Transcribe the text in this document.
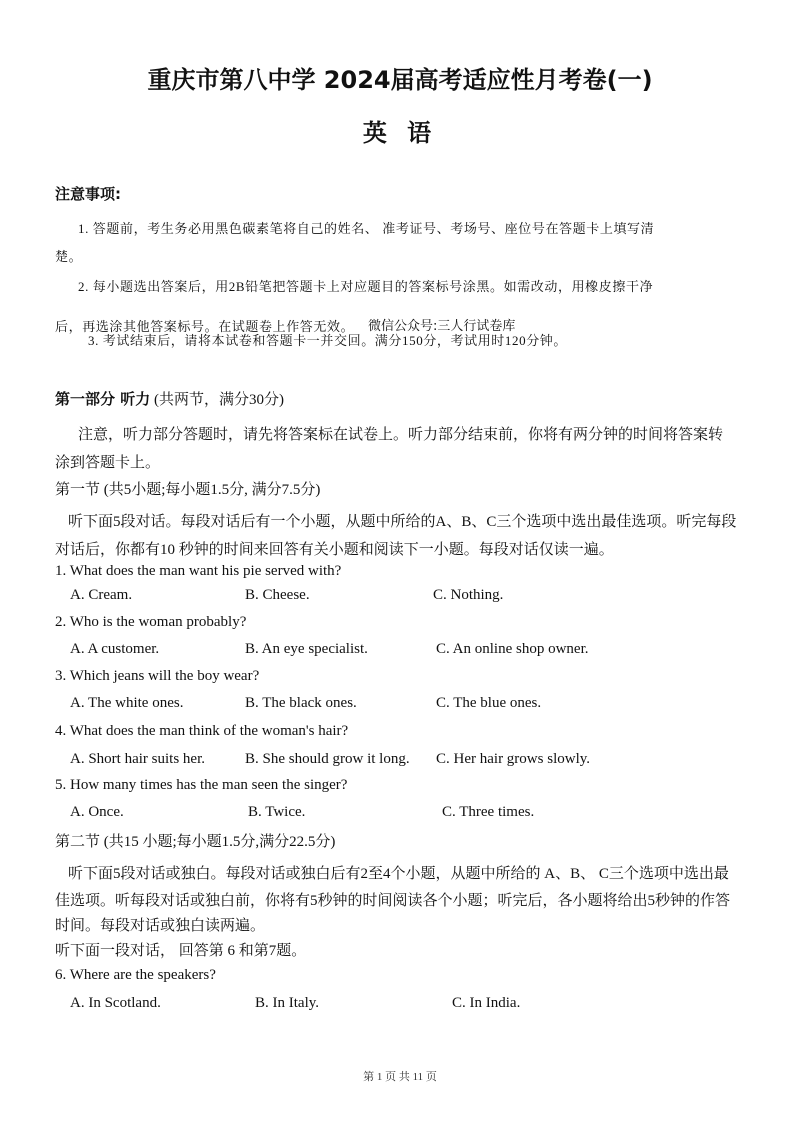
重庆市第八中学 2024届高考适应性月考卷(一)
英 语
注意事项:
1. 答题前，考生务必用黑色碳素笔将自己的姓名、 准考证号、考场号、座位号在答题卡上填写清
楚。
2. 每小题选出答案后，用2B铅笔把答题卡上对应题目的答案标号涂黑。如需改动，用橡皮擦干净
后，再选涂其他答案标号。在试题卷上作答无效。 微信公众号:三人行试卷库
3. 考试结束后，请将本试卷和答题卡一并交回。满分150分，考试用时120分钟。
第一部分 听力 (共两节，满分30分)
注意，听力部分答题时，请先将答案标在试卷上。听力部分结束前，你将有两分钟的时间将答案转
涂到答题卡上。
第一节 (共5小题;每小题1.5分, 满分7.5分)
听下面5段对话。每段对话后有一个小题，从题中所给的A、B、C三个选项中选出最佳选项。听完每段
对话后，你都有10 秒钟的时间来回答有关小题和阅读下一小题。每段对话仅读一遍。
1. What does the man want his pie served with?
A. Cream.	B. Cheese.	C. Nothing.
2. Who is the woman probably?
A. A customer.	B. An eye specialist.	C. An online shop owner.
3. Which jeans will the boy wear?
A. The white ones.	B. The black ones.	C. The blue ones.
4. What does the man think of the woman's hair?
A. Short hair suits her.	B. She should grow it long. C. Her hair grows slowly.
5. How many times has the man seen the singer?
A. Once.	B. Twice.	C. Three times.
第二节 (共15 小题;每小题1.5分,满分22.5分)
听下面5段对话或独白。每段对话或独白后有2至4个小题，从题中所给的 A、B、 C三个选项中选出最
佳选项。听每段对话或独白前，你将有5秒钟的时间阅读各个小题；听完后，各小题将给出5秒钟的作答
时间。每段对话或独白读两遍。
听下面一段对话， 回答第 6 和第7题。
6. Where are the speakers?
A. In Scotland.	B. In Italy.	C. In India.
第 1 页 共 11 页
